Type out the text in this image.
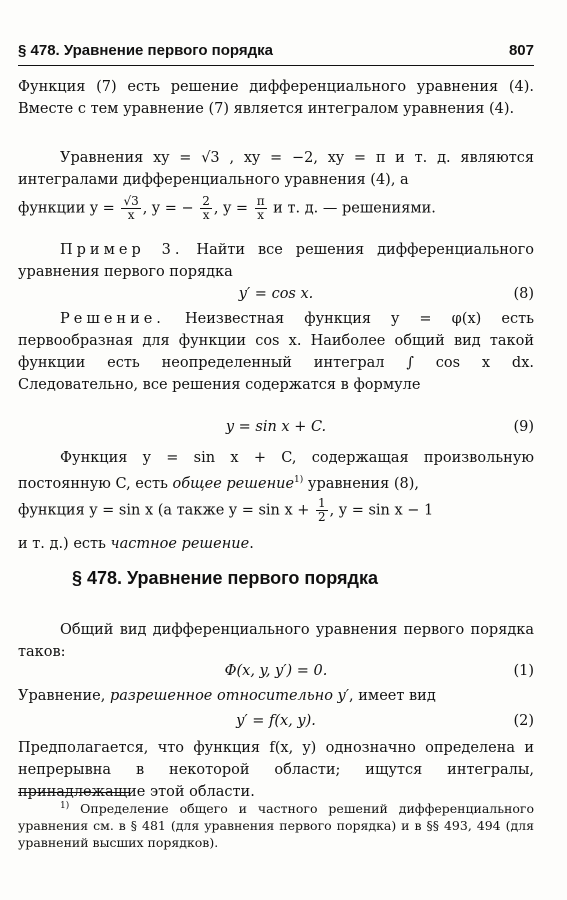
§ 478. Уравнение первого порядка	807

Функция (7) есть решение дифференциального уравнения (4). Вместе с тем уравнение (7) является интегралом уравнения (4).

Уравнения xy = √3 , xy = −2, xy = π и т. д. являются интегралами дифференциального уравнения (4), а

функции $y = \frac{√3}{x}$ , y = − $\frac{2}{x}$ , $y = \frac{\pi}{x}$ и т. д. — решениями.

Пример 3. Найти все решения дифференциального уравнения первого порядка

y′ = cos x.	(8)

Решение. Неизвестная функция y = φ(x) есть первообразная для функции cos x. Наиболее общий вид такой функции есть неопределенный интеграл ∫ cos x dx. Следовательно, все решения содержатся в формуле

y = sin x + C.	(9)

Функция y = sin x + C, содержащая произвольную постоянную C, есть общее решение$^{1)}$ уравнения (8),

функция y = sin x (а также $y = \sin x + \frac{1}{2}$ , y = sin x − 1

и т. д.) есть частное решение.

§ 478. Уравнение первого порядка

Общий вид дифференциального уравнения первого порядка таков:

Φ(x, y, y′) = 0.	(1)

Уравнение, разрешенное относительно y′, имеет вид

y′ = f(x, y).	(2)

Предполагается, что функция f(x, y) однозначно определена и непрерывна в некоторой области; ищутся интегралы, принадлежащие этой области.

$^{1)}$ Определение общего и частного решений дифференциального уравнения см. в § 481 (для уравнения первого порядка) и в §§ 493, 494 (для уравнений высших порядков).
